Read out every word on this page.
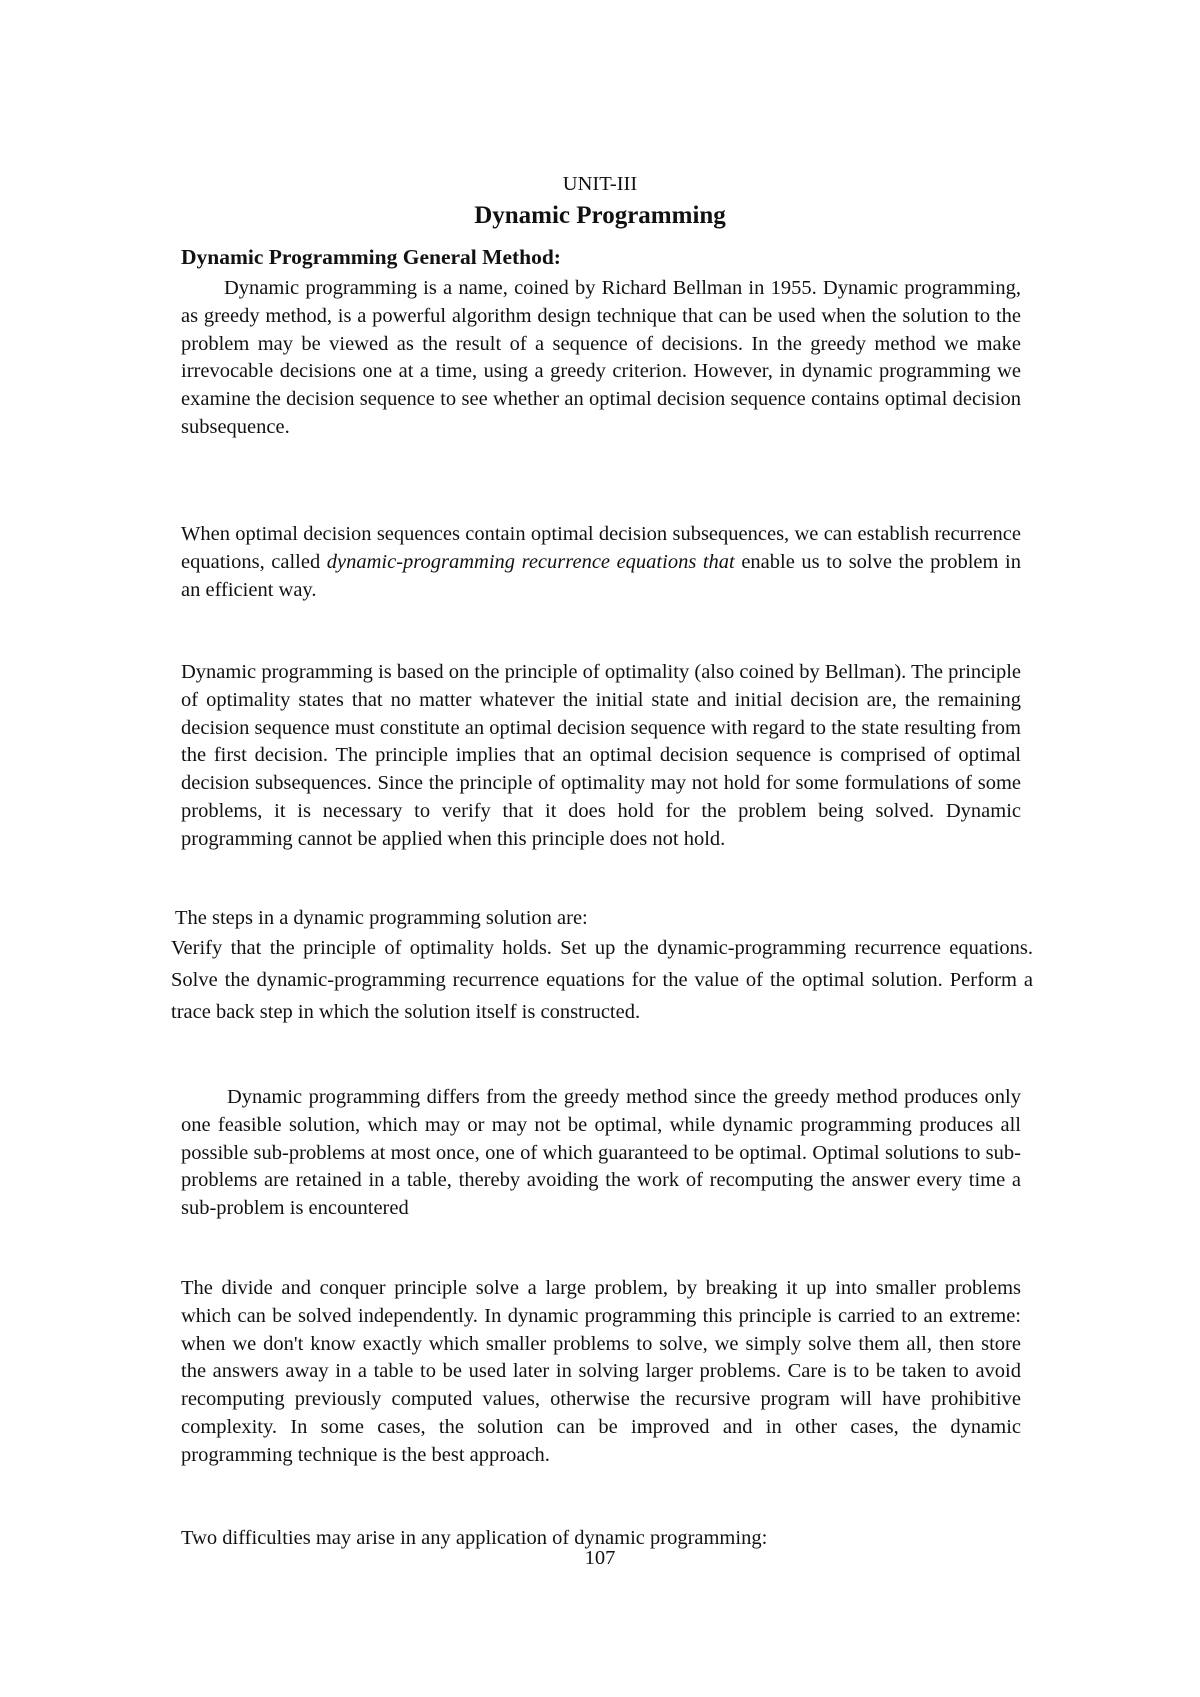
UNIT-III
Dynamic Programming
Dynamic Programming General Method:

Dynamic programming is a name, coined by Richard Bellman in 1955. Dynamic programming, as greedy method, is a powerful algorithm design technique that can be used when the solution to the problem may be viewed as the result of a sequence of decisions. In the greedy method we make irrevocable decisions one at a time, using a greedy criterion. However, in dynamic programming we examine the decision sequence to see whether an optimal decision sequence contains optimal decision subsequence.

When optimal decision sequences contain optimal decision subsequences, we can establish recurrence equations, called dynamic-programming recurrence equations that enable us to solve the problem in an efficient way.

Dynamic programming is based on the principle of optimality (also coined by Bellman). The principle of optimality states that no matter whatever the initial state and initial decision are, the remaining decision sequence must constitute an optimal decision sequence with regard to the state resulting from the first decision. The principle implies that an optimal decision sequence is comprised of optimal decision subsequences. Since the principle of optimality may not hold for some formulations of some problems, it is necessary to verify that it does hold for the problem being solved. Dynamic programming cannot be applied when this principle does not hold.

The steps in a dynamic programming solution are:

Verify that the principle of optimality holds. Set up the dynamic-programming recurrence equations. Solve the dynamic-programming recurrence equations for the value of the optimal solution. Perform a trace back step in which the solution itself is constructed.

Dynamic programming differs from the greedy method since the greedy method produces only one feasible solution, which may or may not be optimal, while dynamic programming produces all possible sub-problems at most once, one of which guaranteed to be optimal. Optimal solutions to sub-problems are retained in a table, thereby avoiding the work of recomputing the answer every time a sub-problem is encountered

The divide and conquer principle solve a large problem, by breaking it up into smaller problems which can be solved independently. In dynamic programming this principle is carried to an extreme: when we don't know exactly which smaller problems to solve, we simply solve them all, then store the answers away in a table to be used later in solving larger problems. Care is to be taken to avoid recomputing previously computed values, otherwise the recursive program will have prohibitive complexity. In some cases, the solution can be improved and in other cases, the dynamic programming technique is the best approach.

Two difficulties may arise in any application of dynamic programming:
107
